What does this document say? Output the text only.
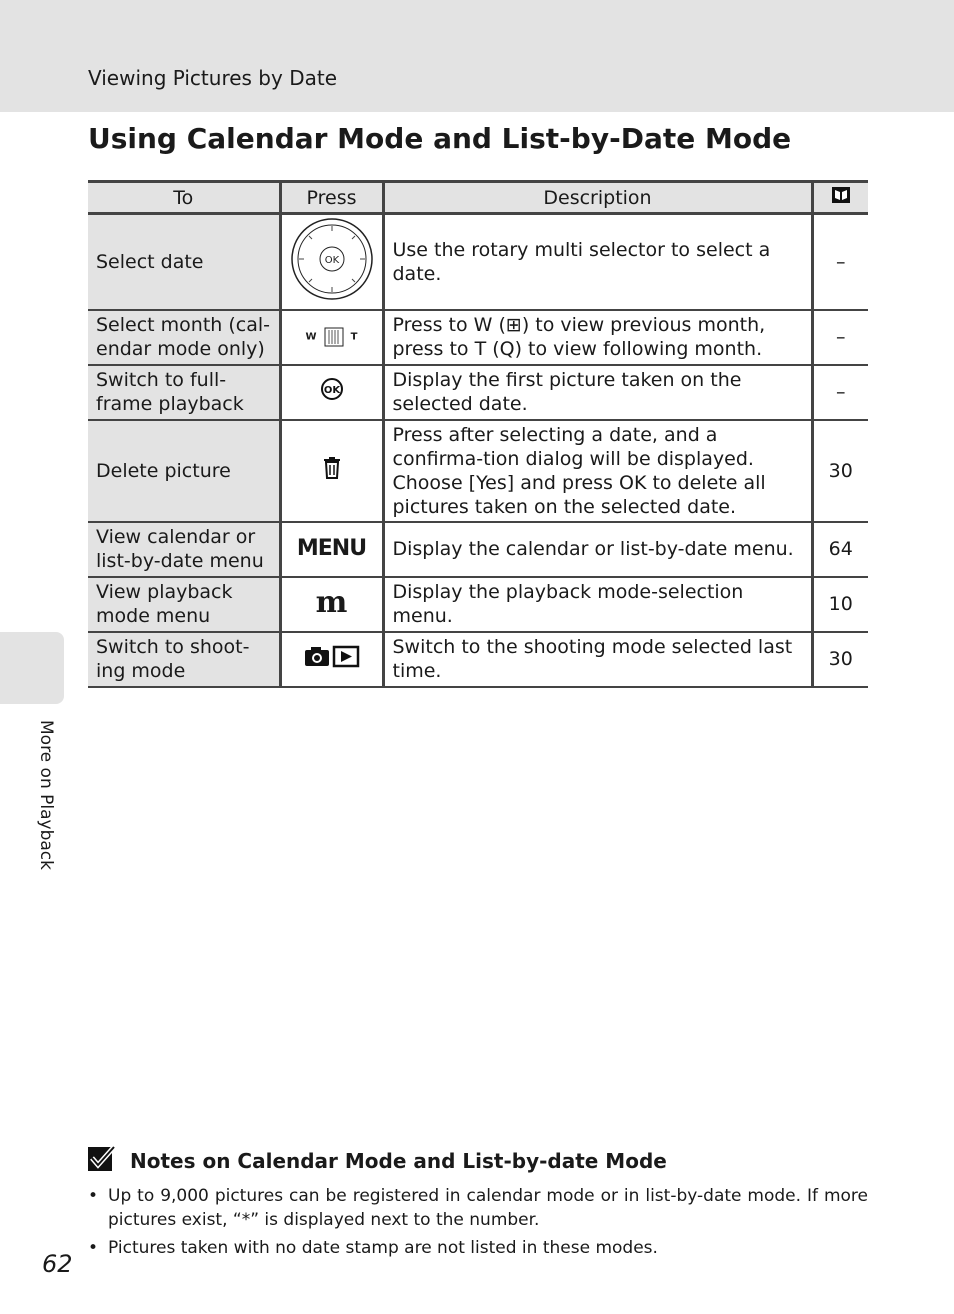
Viewing Pictures by Date
Using Calendar Mode and List-by-Date Mode
To	Press	Description	
Select date	OK	Use the rotary multi selector to select a date.	–
Select month (cal-endar mode only)	W T	Press to W (⊞) to view previous month, press to T (Q) to view following month.	–
Switch to full-frame playback	OK	Display the first picture taken on the selected date.	–
Delete picture		Press after selecting a date, and a confirma-tion dialog will be displayed. Choose [Yes] and press OK to delete all pictures taken on the selected date.	30
View calendar or list-by-date menu	MENU	Display the calendar or list-by-date menu.	64
View playback mode menu	m	Display the playback mode-selection menu.	10
Switch to shoot-ing mode		Switch to the shooting mode selected last time.	30
More on Playback
Notes on Calendar Mode and List-by-date Mode
• Up to 9,000 pictures can be registered in calendar mode or in list-by-date mode. If more pictures exist, “*” is displayed next to the number.
• Pictures taken with no date stamp are not listed in these modes.
62
